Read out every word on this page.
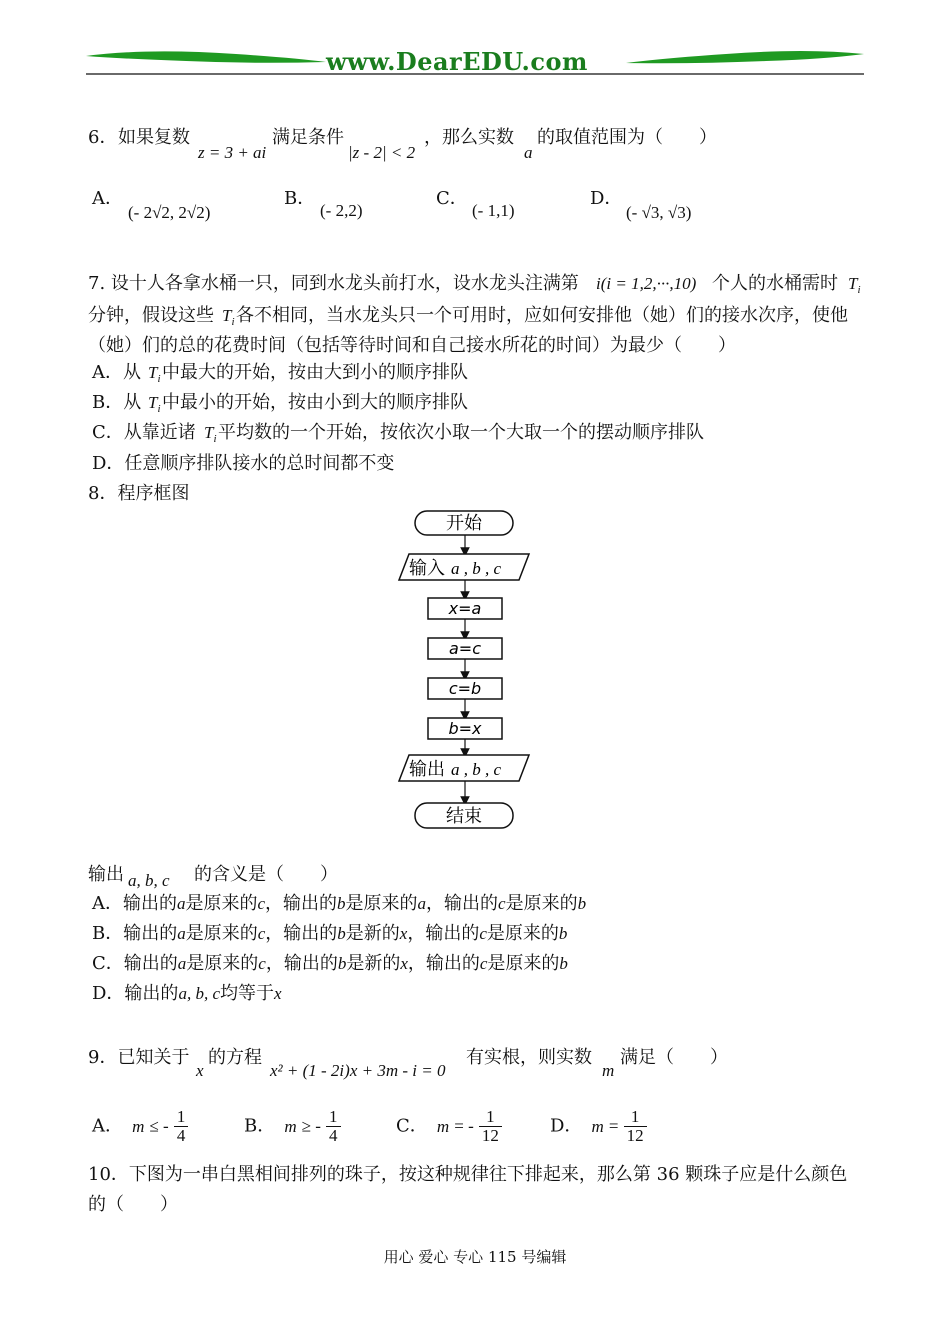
www.DearEDU.com
6． 如果复数
z = 3 + ai
满足条件
|z - 2| < 2
，那么实数
a
的取值范围为（　　）
A．
(- 2√2, 2√2)
B．
(- 2,2)
C．
(- 1,1)
D．
(- √3, √3)
7. 设十人各拿水桶一只，同到水龙头前打水，设水龙头注满第 i(i = 1,2,···,10) 个人的水桶需时 $T_i$
分钟，假设这些 $T_i$ 各不相同，当水龙头只一个可用时，应如何安排他（她）们的接水次序，使他
（她）们的总的花费时间（包括等待时间和自己接水所花的时间）为最少（　　）
A．从 $T_i$ 中最大的开始，按由大到小的顺序排队
B．从 $T_i$ 中最小的开始，按由小到大的顺序排队
C．从靠近诸 $T_i$ 平均数的一个开始，按依次小取一个大取一个的摆动顺序排队
D．任意顺序排队接水的总时间都不变
8．程序框图
开始
输入 a , b , c
x=a
a=c
c=b
b=x
输出 a , b , c
结束
输出 a, b, c 的含义是（　　）
A．输出的a是原来的c，输出的b是原来的a，输出的c是原来的b
B．输出的a是原来的c，输出的b是新的x，输出的c是原来的b
C．输出的a是原来的c，输出的b是新的x，输出的c是原来的b
D．输出的a, b, c均等于x
9．已知关于
x
的方程
x² + (1 - 2i)x + 3m - i = 0
有实根，则实数
m
满足（　　）
A． m ≤ - $\frac{1}{4}$	B． m ≥ - $\frac{1}{4}$	C． m = - $\frac{1}{12}$	D． $m = \frac{1}{12}$
10．下图为一串白黑相间排列的珠子，按这种规律往下排起来，那么第 36 颗珠子应是什么颜色
的（　　）
用心 爱心 专心 115 号编辑
